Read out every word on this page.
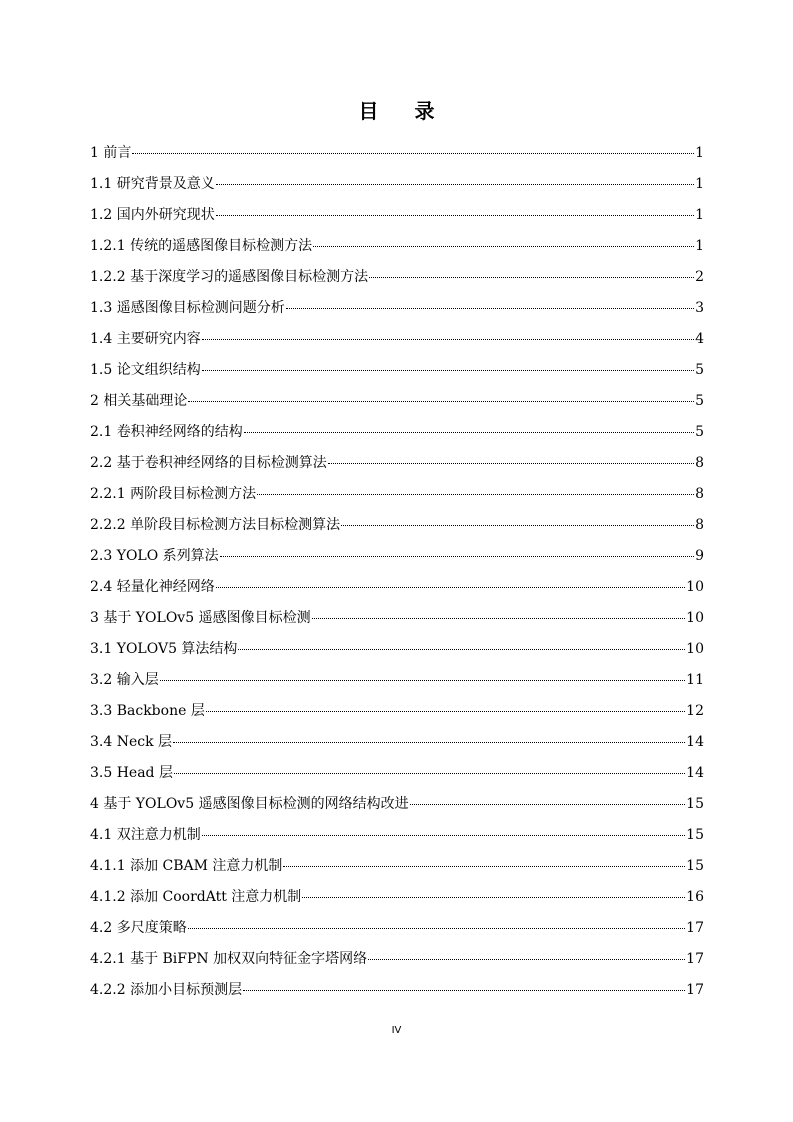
目录
1 前言	1
1.1 研究背景及意义	1
1.2 国内外研究现状	1
1.2.1 传统的遥感图像目标检测方法	1
1.2.2 基于深度学习的遥感图像目标检测方法	2
1.3 遥感图像目标检测问题分析	3
1.4 主要研究内容	4
1.5 论文组织结构	5
2 相关基础理论	5
2.1 卷积神经网络的结构	5
2.2 基于卷积神经网络的目标检测算法	8
2.2.1 两阶段目标检测方法	8
2.2.2 单阶段目标检测方法目标检测算法	8
2.3 YOLO 系列算法	9
2.4 轻量化神经网络	10
3 基于 YOLOv5 遥感图像目标检测	10
3.1 YOLOV5 算法结构	10
3.2 输入层	11
3.3 Backbone 层	12
3.4 Neck 层	14
3.5 Head 层	14
4 基于 YOLOv5 遥感图像目标检测的网络结构改进	15
4.1 双注意力机制	15
4.1.1 添加 CBAM 注意力机制	15
4.1.2 添加 CoordAtt 注意力机制	16
4.2 多尺度策略	17
4.2.1 基于 BiFPN 加权双向特征金字塔网络	17
4.2.2 添加小目标预测层	17
IV
